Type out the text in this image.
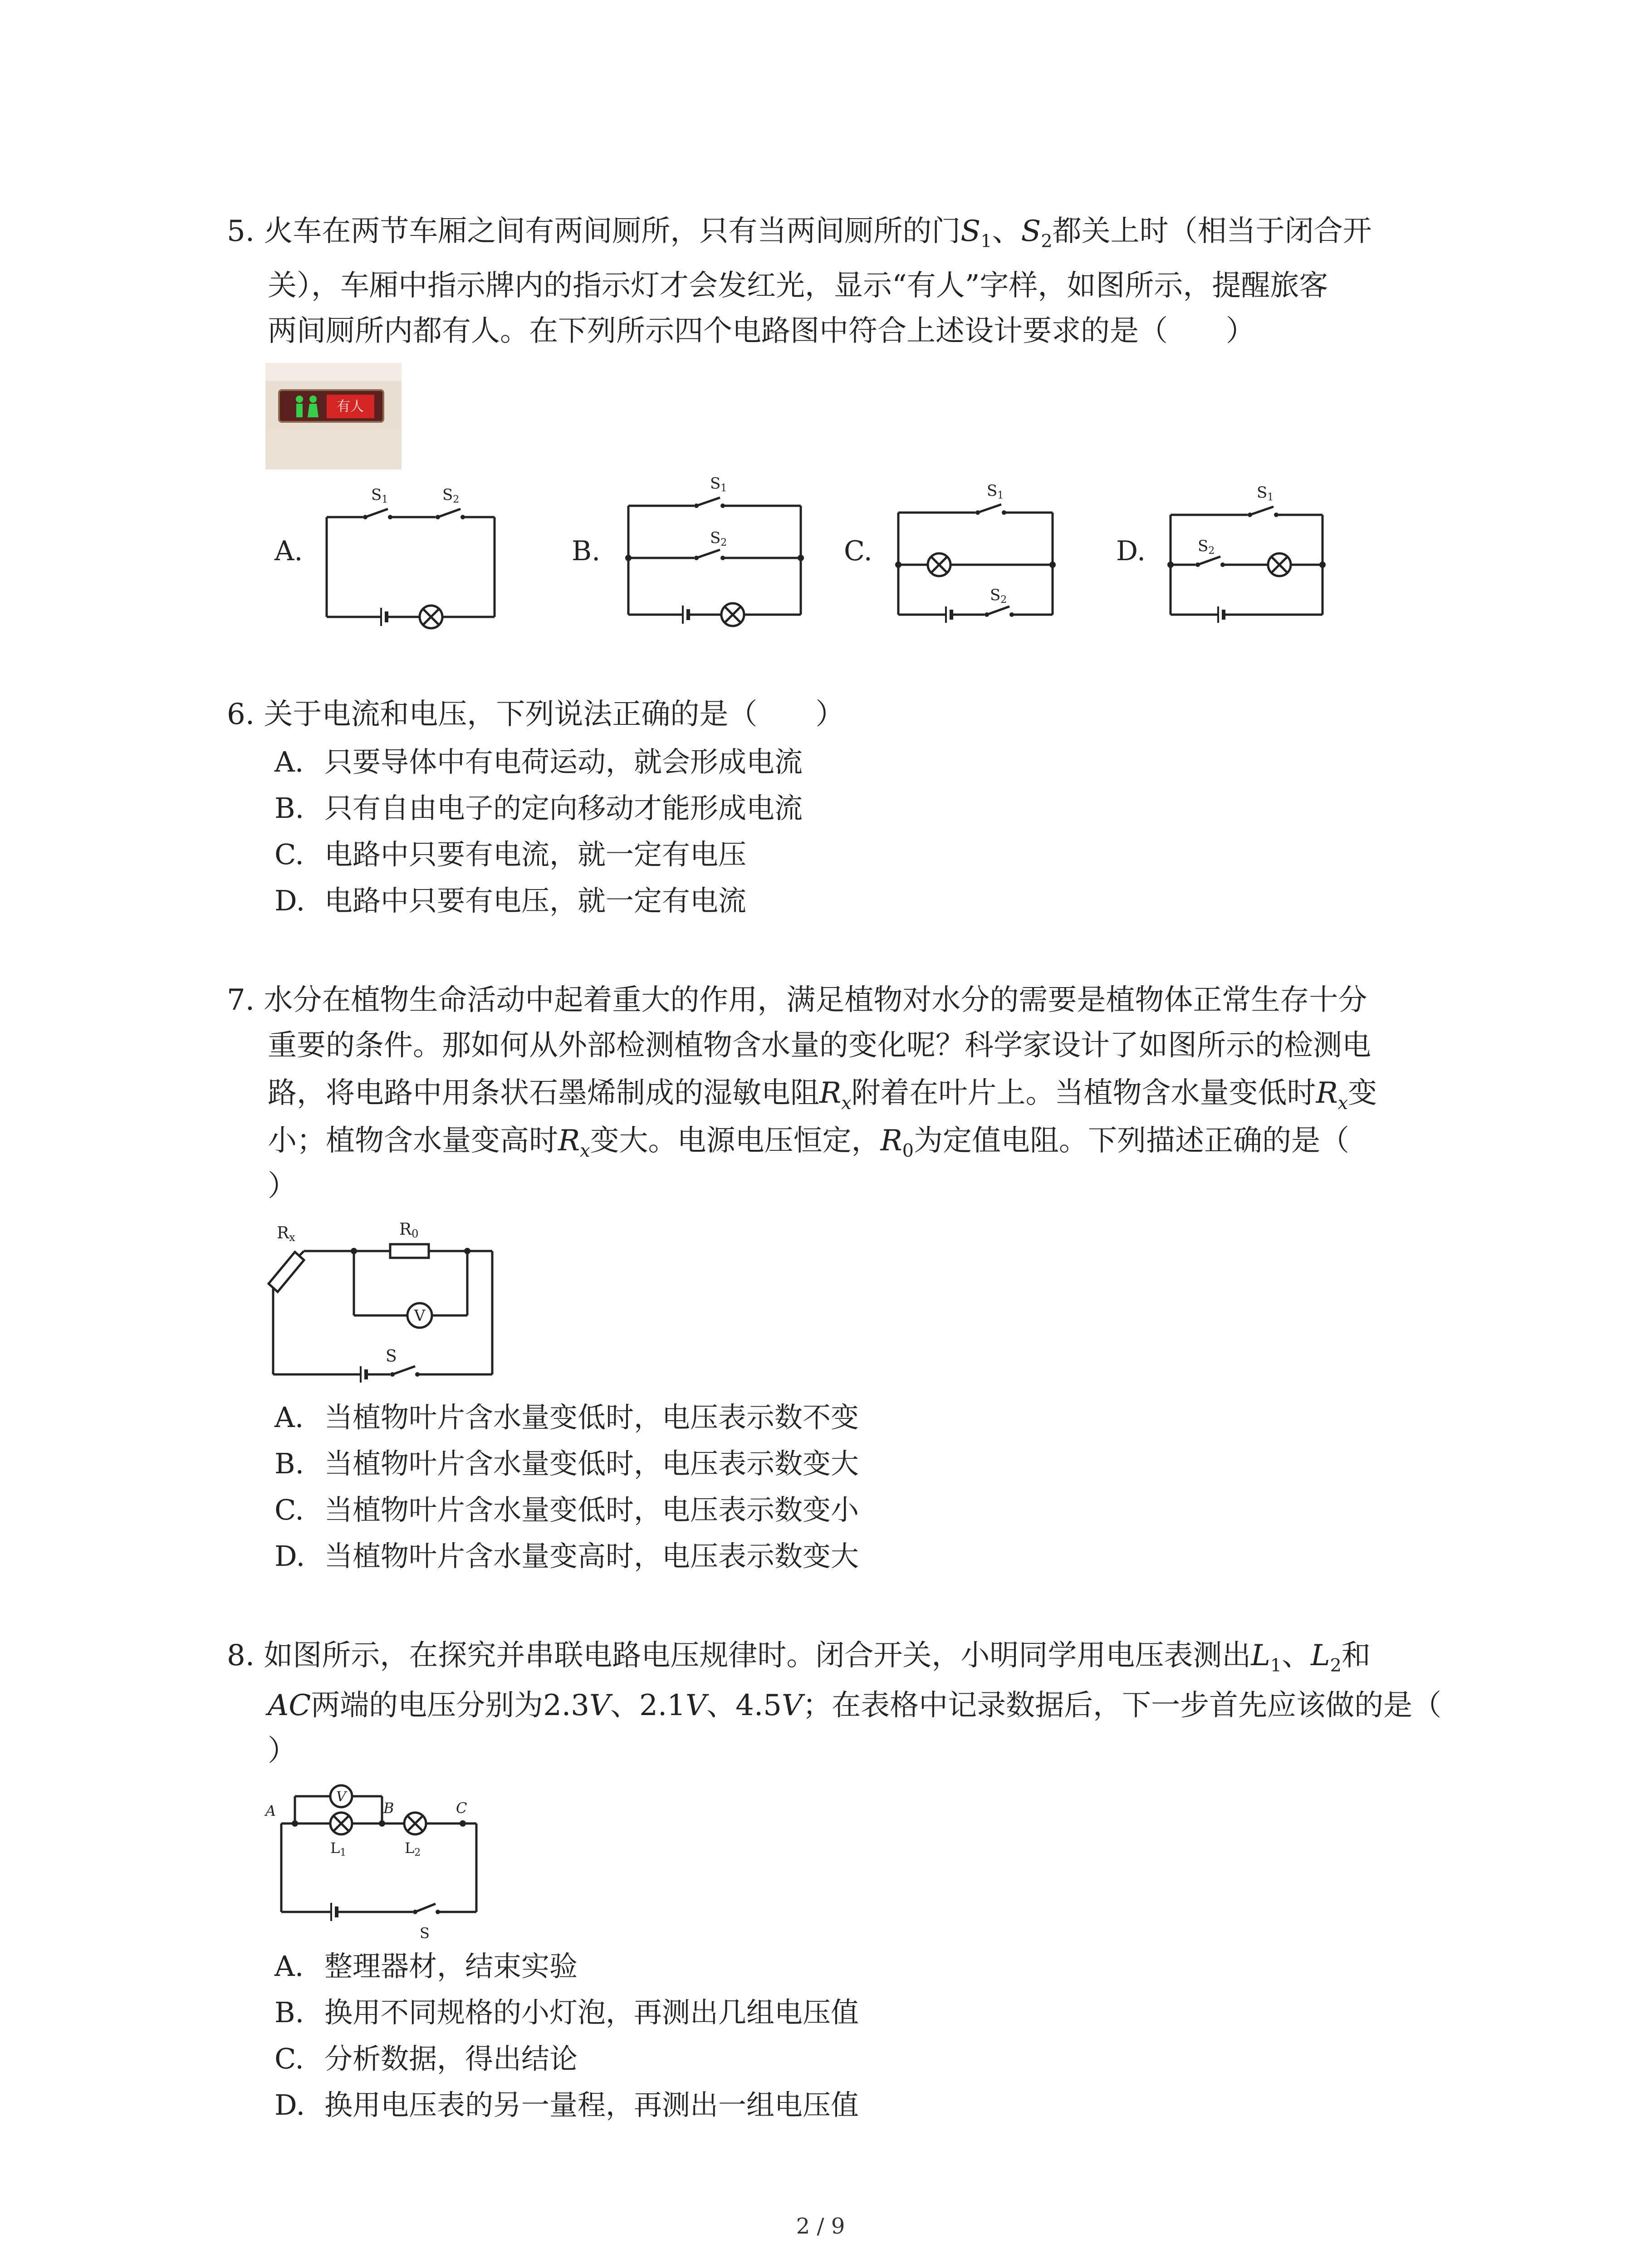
5. 火车在两节车厢之间有两间厕所，只有当两间厕所的门$S_1$、$S_2$都关上时（相当于闭合开
关），车厢中指示牌内的指示灯才会发红光，显示“有人”字样，如图所示，提醒旅客
两间厕所内都有人。在下列所示四个电路图中符合上述设计要求的是（　　）
有人
A.	B.	C.	D.
S1	S2
S1
S2
S1
S2
S1
S2
6. 关于电流和电压，下列说法正确的是（　　）
A. 只要导体中有电荷运动，就会形成电流
B. 只有自由电子的定向移动才能形成电流
C. 电路中只要有电流，就一定有电压
D. 电路中只要有电压，就一定有电流
7. 水分在植物生命活动中起着重大的作用，满足植物对水分的需要是植物体正常生存十分
重要的条件。那如何从外部检测植物含水量的变化呢？科学家设计了如图所示的检测电
路，将电路中用条状石墨烯制成的湿敏电阻$R_x$附着在叶片上。当植物含水量变低时$R_x$变
小；植物含水量变高时$R_x$变大。电源电压恒定，$R_0$为定值电阻。下列描述正确的是（
）
V
Rx	R0
S
A. 当植物叶片含水量变低时，电压表示数不变
B. 当植物叶片含水量变低时，电压表示数变大
C. 当植物叶片含水量变低时，电压表示数变小
D. 当植物叶片含水量变高时，电压表示数变大
8. 如图所示，在探究并串联电路电压规律时。闭合开关，小明同学用电压表测出$L_1$、$L_2$和
AC两端的电压分别为2.3V、2.1V、4.5V；在表格中记录数据后，下一步首先应该做的是（
）
V
A	B	C
L1	L2
S
A. 整理器材，结束实验
B. 换用不同规格的小灯泡，再测出几组电压值
C. 分析数据，得出结论
D. 换用电压表的另一量程，再测出一组电压值
2 / 9
